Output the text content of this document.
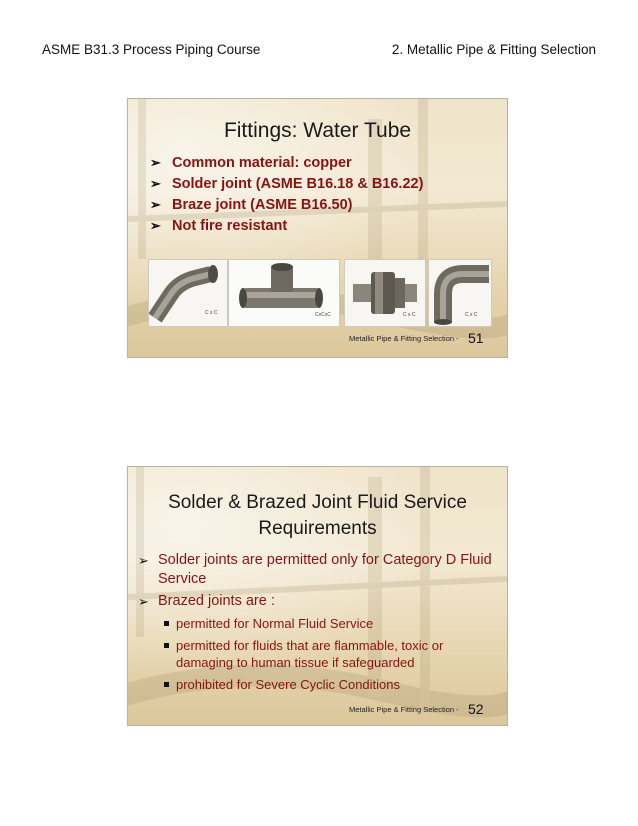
ASME B31.3 Process Piping Course	2. Metallic Pipe & Fitting Selection
Fittings: Water Tube
➢ Common material: copper
➢ Solder joint (ASME B16.18 & B16.22)
➢ Braze joint (ASME B16.50)
➢ Not fire resistant
C x C	CxCxC	C x C	C x C
Metallic Pipe & Fitting Selection - 51
Solder & Brazed Joint Fluid Service Requirements
➢ Solder joints are permitted only for Category D Fluid Service
➢ Brazed joints are :
permitted for Normal Fluid Service
permitted for fluids that are flammable, toxic or damaging to human tissue if safeguarded
prohibited for Severe Cyclic Conditions
Metallic Pipe & Fitting Selection - 52
